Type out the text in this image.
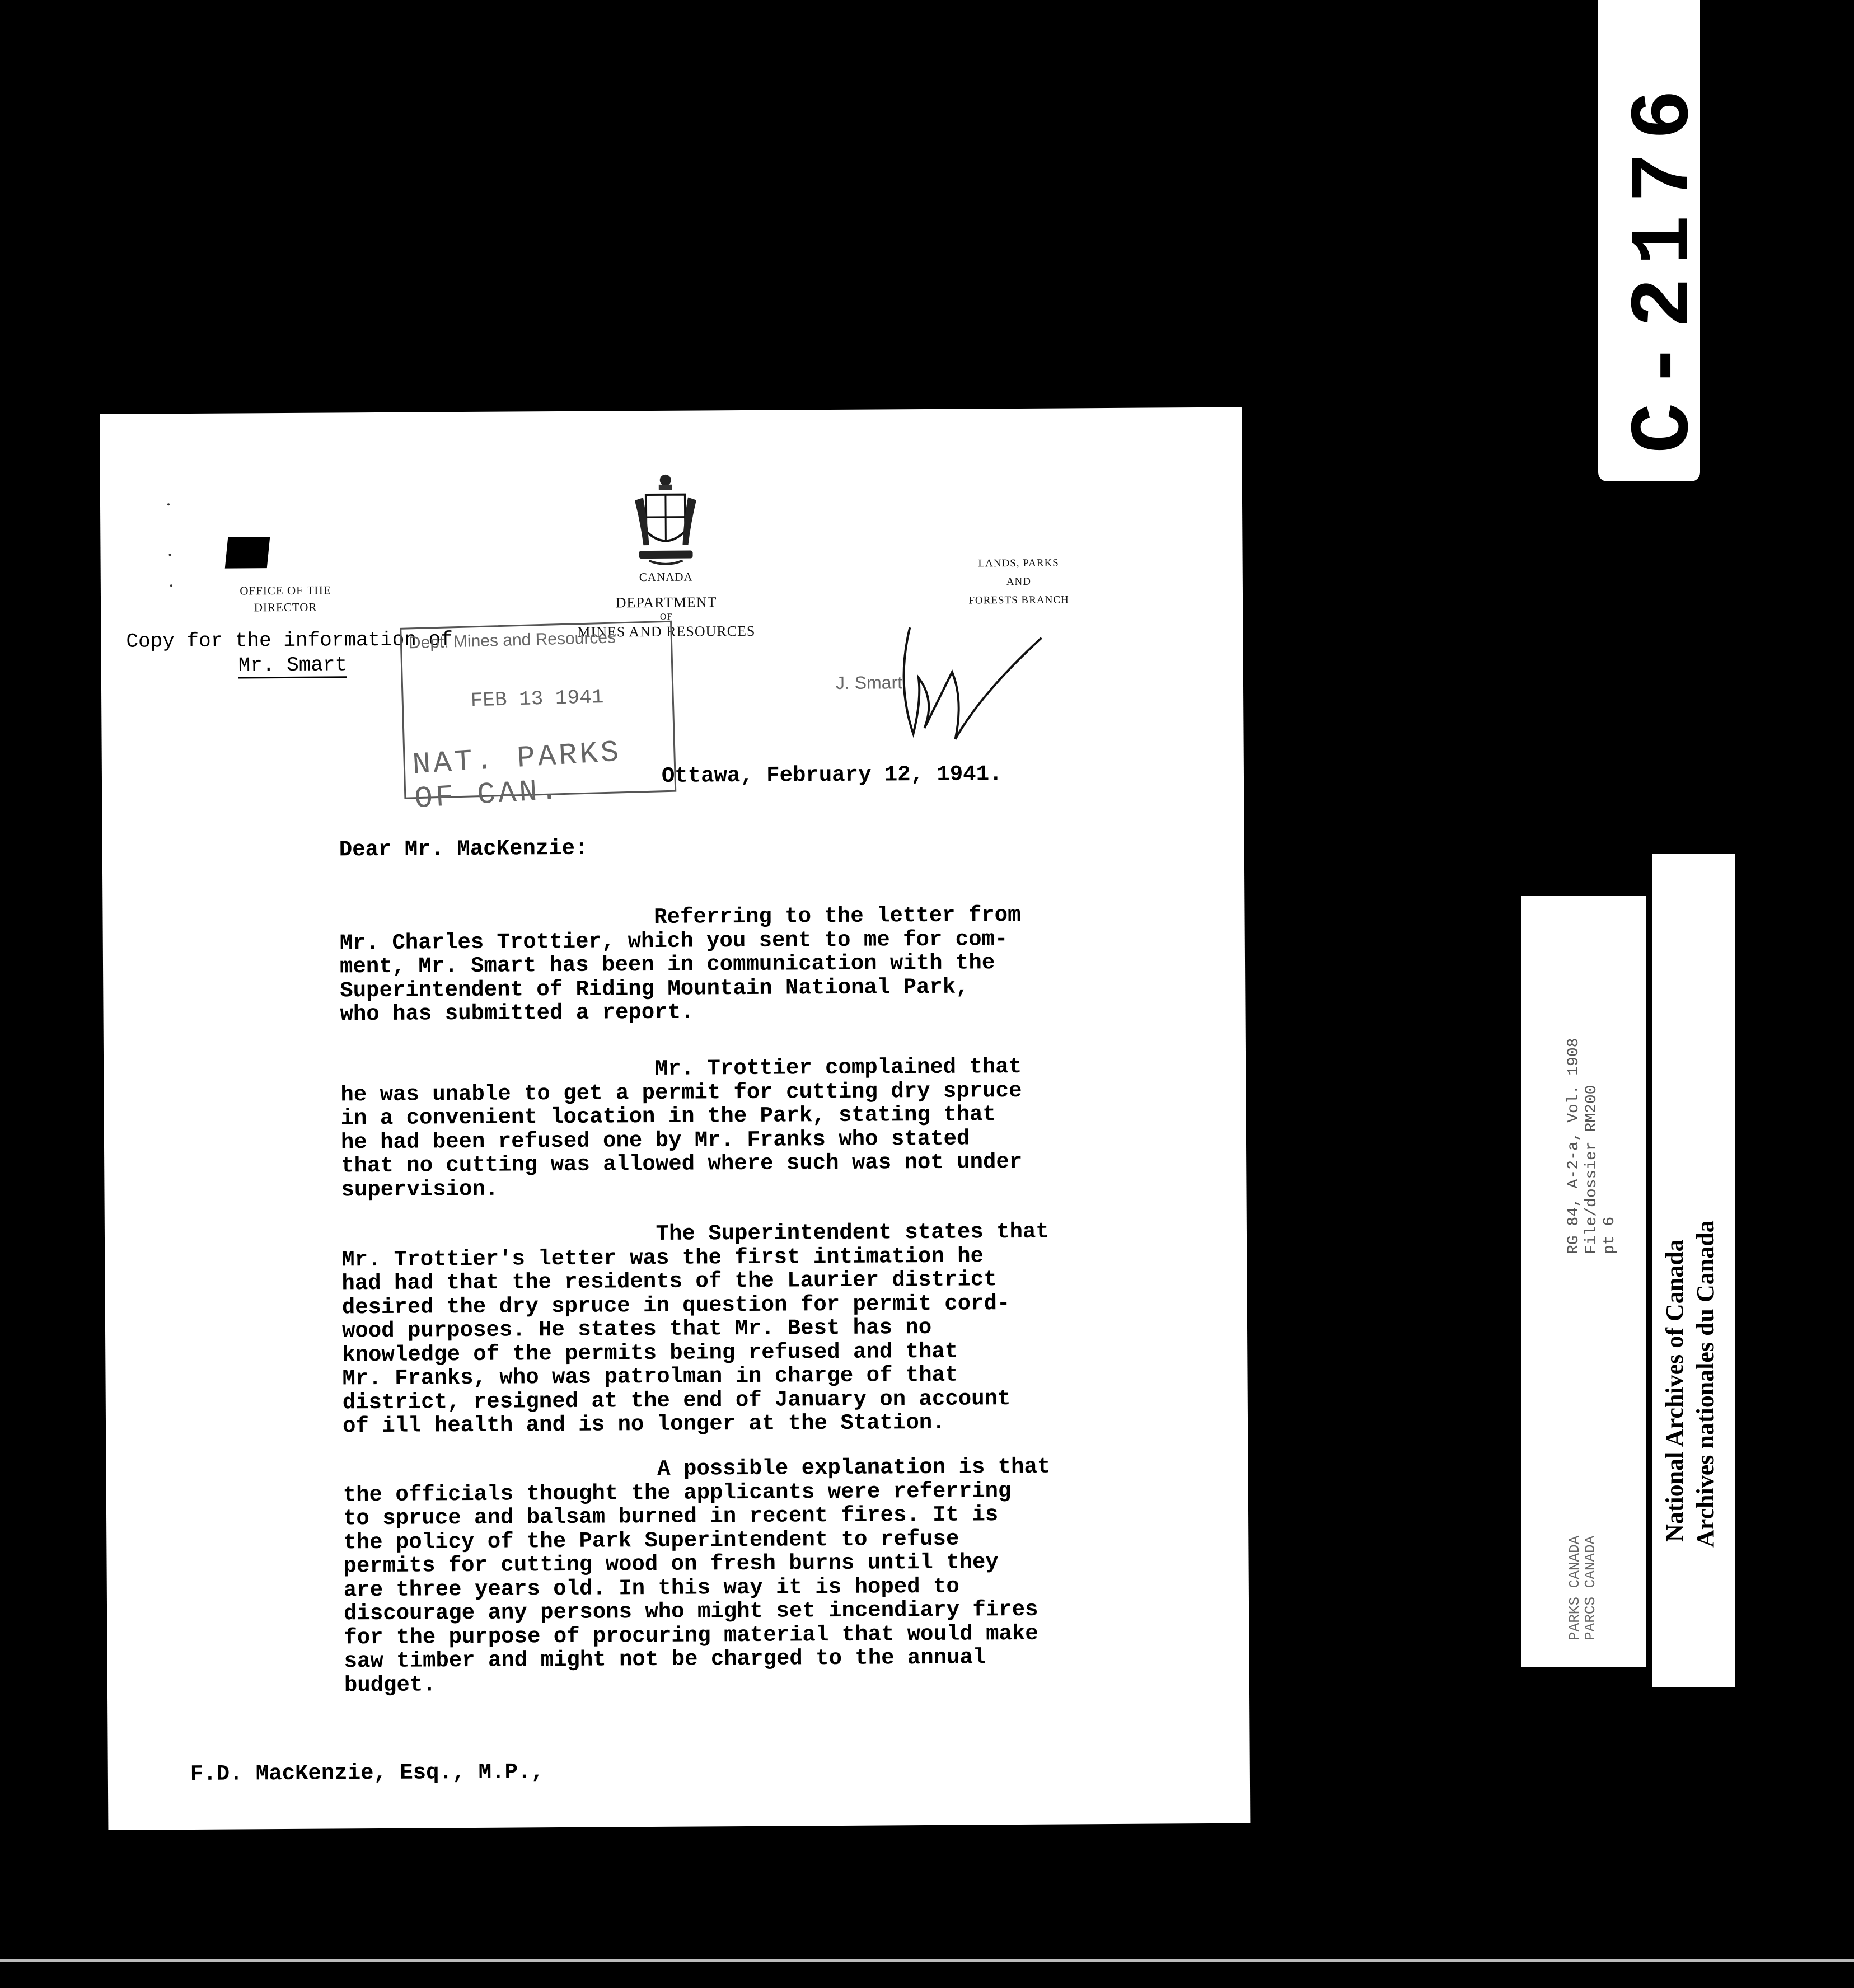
OFFICE OF THE
DIRECTOR
CANADA
DEPARTMENT
OF
MINES AND RESOURCES
LANDS, PARKS
AND
FORESTS BRANCH
Copy for the information of
Mr. Smart
Dept. Mines and Resources
FEB 13 1941
NAT. PARKS OF CAN.
J. Smart
Ottawa, February 12, 1941.
Dear Mr. MacKenzie:
Referring to the letter from
Mr. Charles Trottier, which you sent to me for com-
ment, Mr. Smart has been in communication with the
Superintendent of Riding Mountain National Park,
who has submitted a report.
Mr. Trottier complained that
he was unable to get a permit for cutting dry spruce
in a convenient location in the Park, stating that
he had been refused one by Mr. Franks who stated
that no cutting was allowed where such was not under
supervision.
The Superintendent states that
Mr. Trottier's letter was the first intimation he
had had that the residents of the Laurier district
desired the dry spruce in question for permit cord-
wood purposes. He states that Mr. Best has no
knowledge of the permits being refused and that
Mr. Franks, who was patrolman in charge of that
district, resigned at the end of January on account
of ill health and is no longer at the Station.
A possible explanation is that
the officials thought the applicants were referring
to spruce and balsam burned in recent fires. It is
the policy of the Park Superintendent to refuse
permits for cutting wood on fresh burns until they
are three years old. In this way it is hoped to
discourage any persons who might set incendiary fires
for the purpose of procuring material that would make
saw timber and might not be charged to the annual
budget.

F.D. MacKenzie, Esq., M.P.,

House of Commons,

Ottawa.

C-2176
RG 84, A-2-a, Vol. 1908 File/dossier RM200 pt 6
PARKS CANADA
PARCS CANADA
National Archives of Canada Archives nationales du Canada
